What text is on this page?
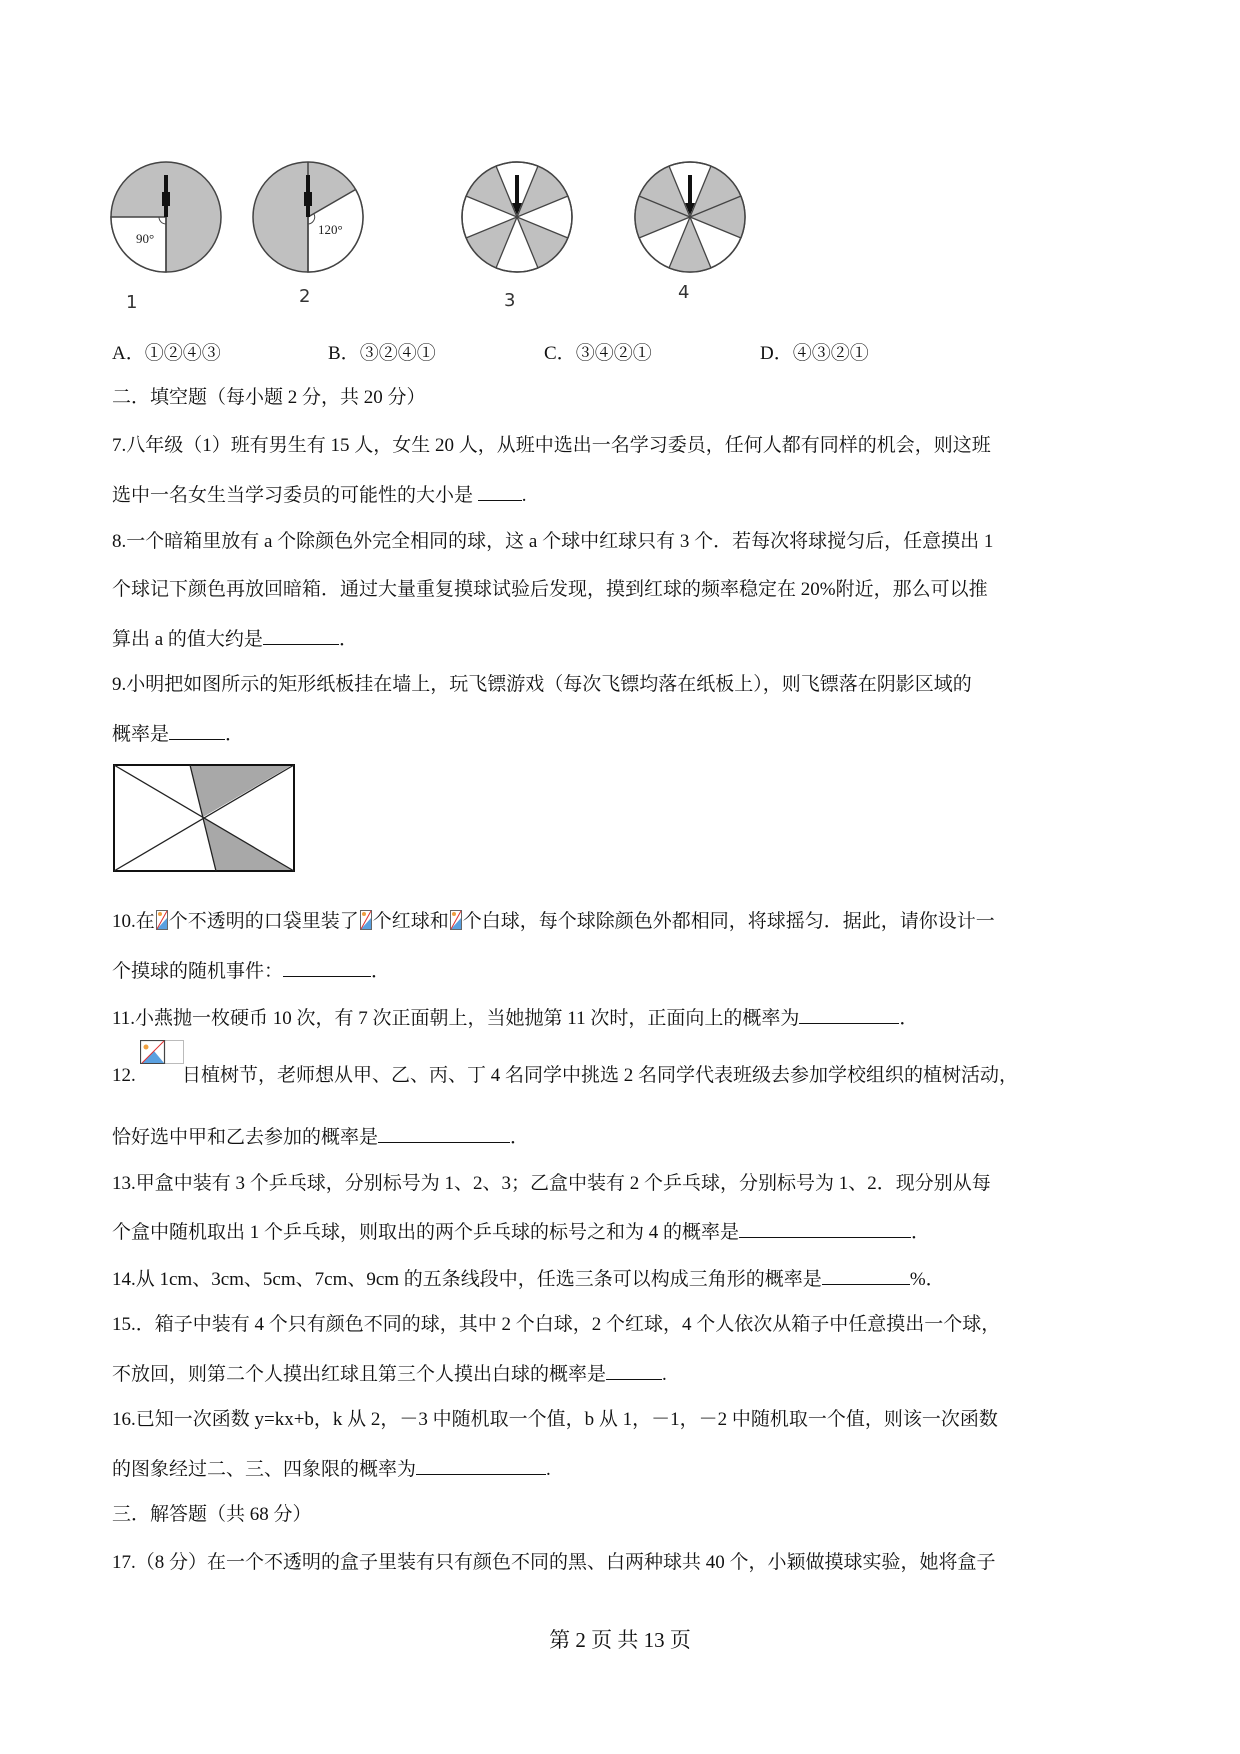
90°
120°
1	2	3	4
A．①②④③	B．③②④①	C．③④②①	D．④③②①
二．填空题（每小题 2 分，共 20 分）
7.八年级（1）班有男生有 15 人，女生 20 人，从班中选出一名学习委员，任何人都有同样的机会，则这班
选中一名女生当学习委员的可能性的大小是 .
8.一个暗箱里放有 a 个除颜色外完全相同的球，这 a 个球中红球只有 3 个．若每次将球搅匀后，任意摸出 1
个球记下颜色再放回暗箱．通过大量重复摸球试验后发现，摸到红球的频率稳定在 20%附近，那么可以推
算出 a 的值大约是	．
9.小明把如图所示的矩形纸板挂在墙上，玩飞镖游戏（每次飞镖均落在纸板上），则飞镖落在阴影区域的
概率是	．
10.在 个不透明的口袋里装了 个红球和 个白球，每个球除颜色外都相同，将球摇匀．据此，请你设计一
个摸球的随机事件：	．
11.小燕抛一枚硬币 10 次，有 7 次正面朝上，当她抛第 11 次时，正面向上的概率为	．
12. 日植树节，老师想从甲、乙、丙、丁 4 名同学中挑选 2 名同学代表班级去参加学校组织的植树活动，
恰好选中甲和乙去参加的概率是	．
13.甲盒中装有 3 个乒乓球，分别标号为 1、2、3；乙盒中装有 2 个乒乓球，分别标号为 1、2．现分别从每
个盒中随机取出 1 个乒乓球，则取出的两个乒乓球的标号之和为 4 的概率是	．
14.从 1cm、3cm、5cm、7cm、9cm 的五条线段中，任选三条可以构成三角形的概率是	%．
15.．箱子中装有 4 个只有颜色不同的球，其中 2 个白球，2 个红球，4 个人依次从箱子中任意摸出一个球，
不放回，则第二个人摸出红球且第三个人摸出白球的概率是	.
16.已知一次函数 y=kx+b，k 从 2，－3 中随机取一个值，b 从 1，－1，－2 中随机取一个值，则该一次函数
的图象经过二、三、四象限的概率为	.
三．解答题（共 68 分）
17.（8 分）在一个不透明的盒子里装有只有颜色不同的黑、白两种球共 40 个，小颖做摸球实验，她将盒子
第 2 页 共 13 页
